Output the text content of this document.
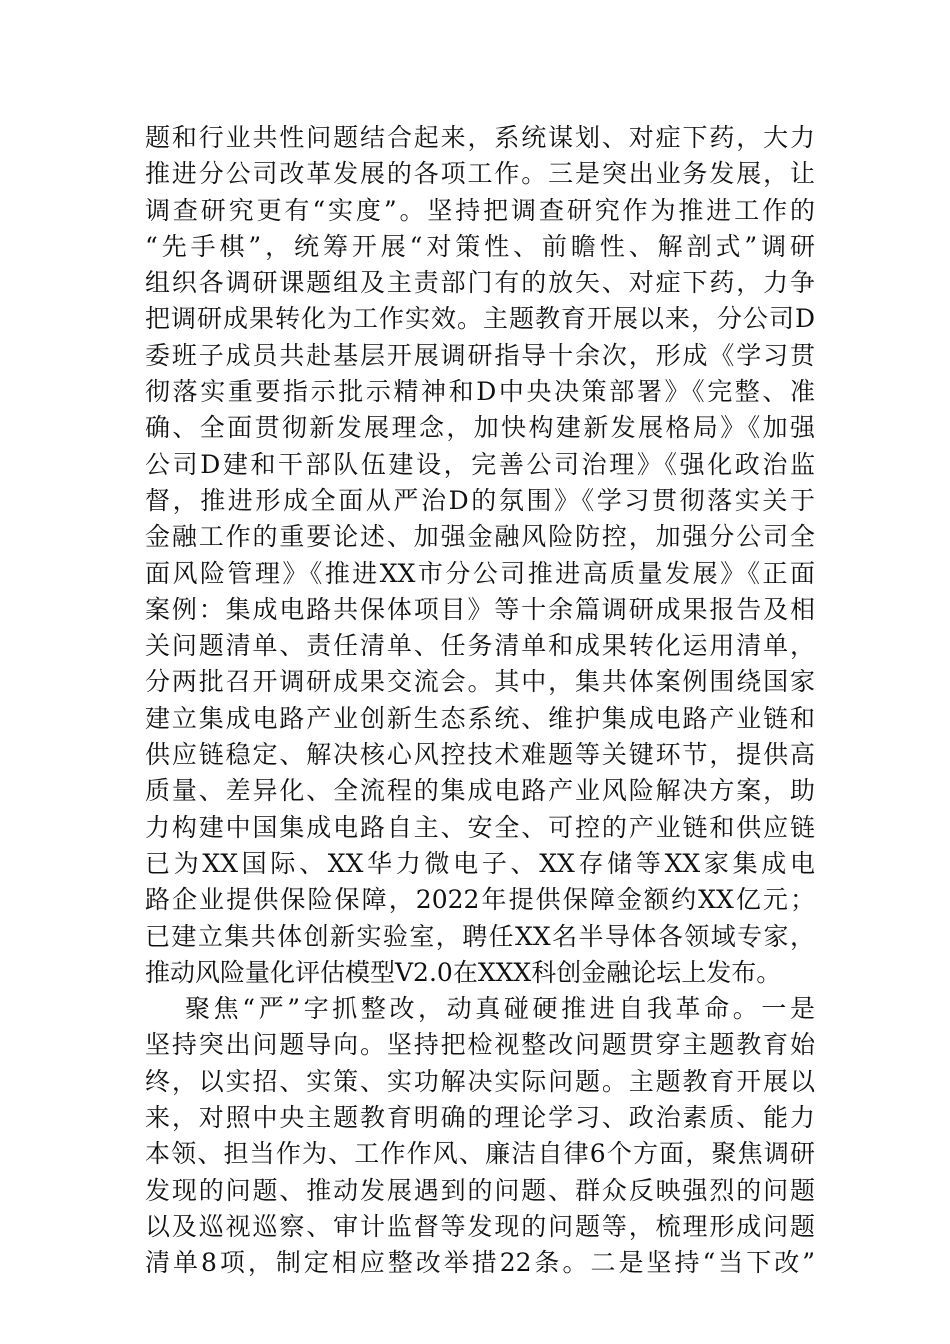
题和行业共性问题结合起来，系统谋划、对症下药，大力
推进分公司改革发展的各项工作。三是突出业务发展，让
调查研究更有“实度”。坚持把调查研究作为推进工作的
“先手棋”，统筹开展“对策性、前瞻性、解剖式”调研
组织各调研课题组及主责部门有的放矢、对症下药，力争
把调研成果转化为工作实效。主题教育开展以来，分公司D
委班子成员共赴基层开展调研指导十余次，形成《学习贯
彻落实重要指示批示精神和D中央决策部署》《完整、准
确、全面贯彻新发展理念，加快构建新发展格局》《加强
公司D建和干部队伍建设，完善公司治理》《强化政治监
督，推进形成全面从严治D的氛围》《学习贯彻落实关于
金融工作的重要论述、加强金融风险防控，加强分公司全
面风险管理》《推进XX市分公司推进高质量发展》《正面
案例：集成电路共保体项目》等十余篇调研成果报告及相
关问题清单、责任清单、任务清单和成果转化运用清单，
分两批召开调研成果交流会。其中，集共体案例围绕国家
建立集成电路产业创新生态系统、维护集成电路产业链和
供应链稳定、解决核心风控技术难题等关键环节，提供高
质量、差异化、全流程的集成电路产业风险解决方案，助
力构建中国集成电路自主、安全、可控的产业链和供应链
已为XX国际、XX华力微电子、XX存储等XX家集成电
路企业提供保险保障，2022年提供保障金额约XX亿元；
已建立集共体创新实验室，聘任XX名半导体各领域专家，
推动风险量化评估模型V2.0在XXX科创金融论坛上发布。
聚焦“严”字抓整改，动真碰硬推进自我革命。一是
坚持突出问题导向。坚持把检视整改问题贯穿主题教育始
终，以实招、实策、实功解决实际问题。主题教育开展以
来，对照中央主题教育明确的理论学习、政治素质、能力
本领、担当作为、工作作风、廉洁自律6个方面，聚焦调研
发现的问题、推动发展遇到的问题、群众反映强烈的问题
以及巡视巡察、审计监督等发现的问题等，梳理形成问题
清单8项，制定相应整改举措22条。二是坚持“当下改”
